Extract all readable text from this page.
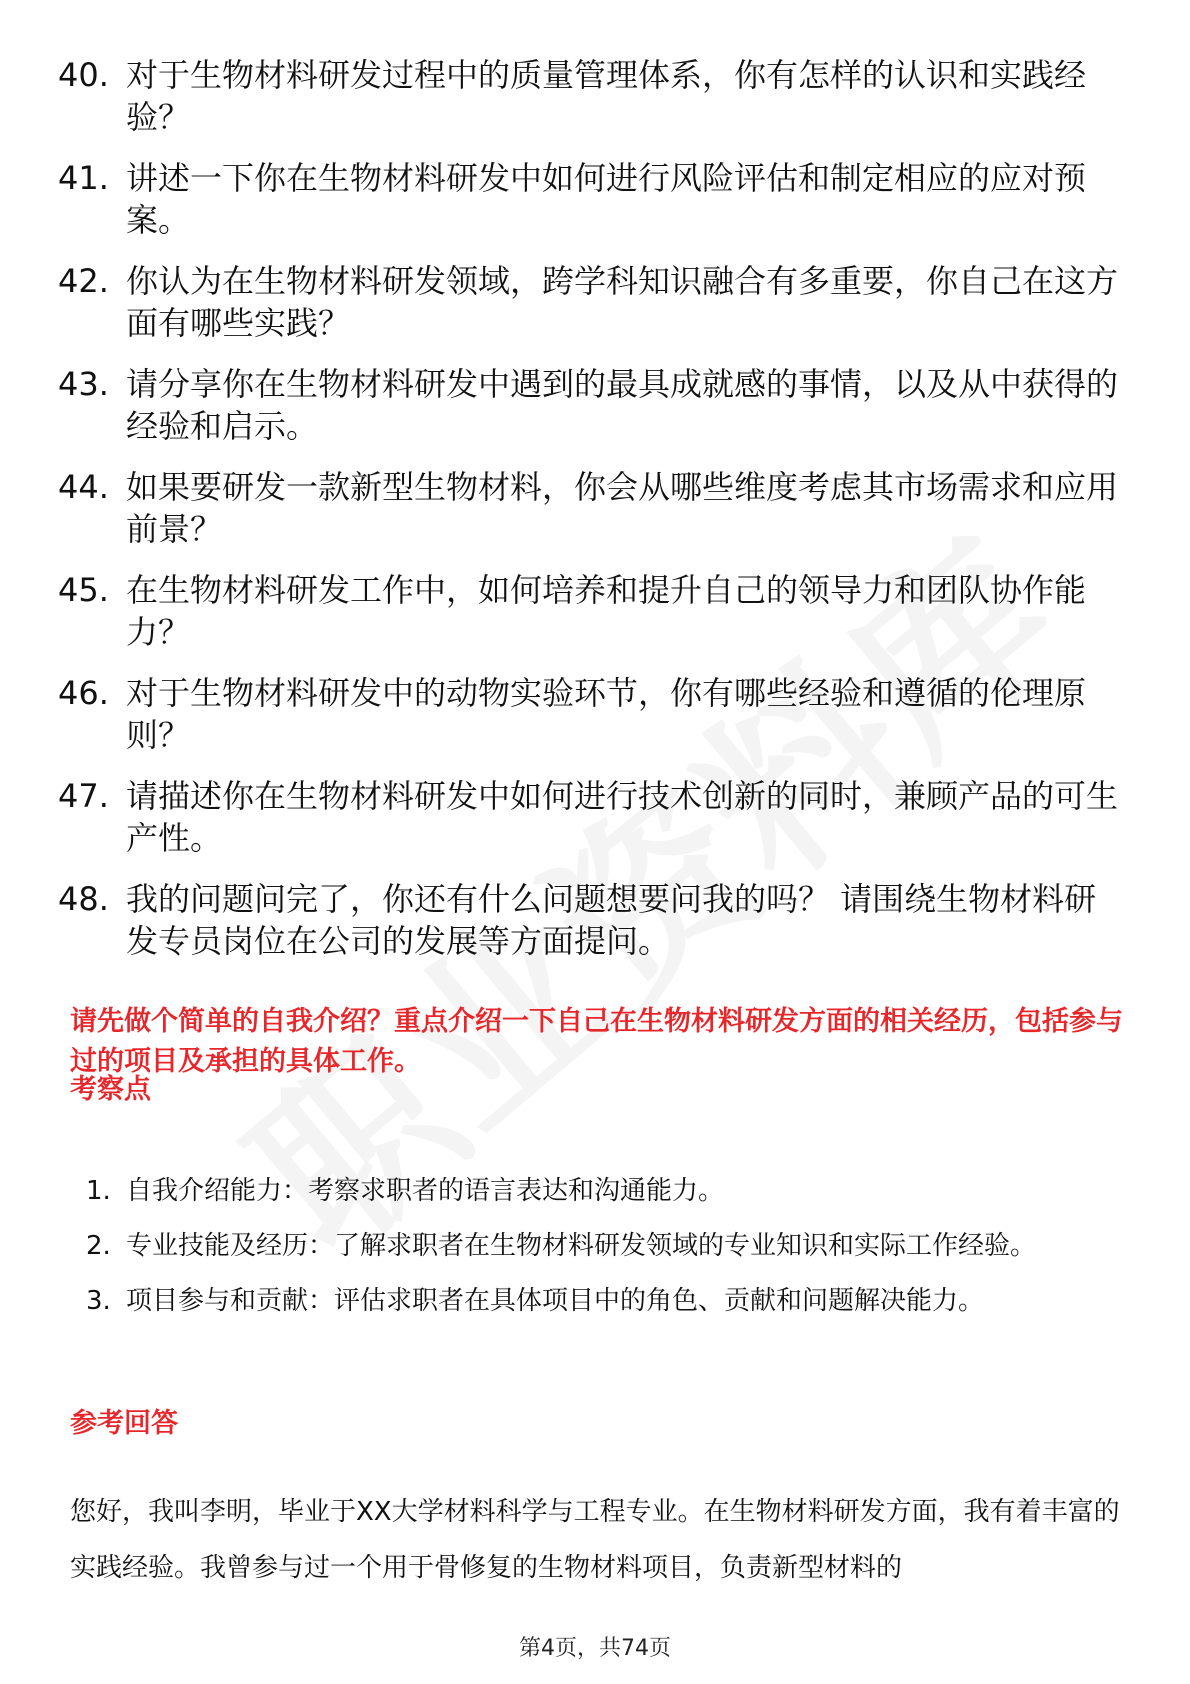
40. 对于生物材料研发过程中的质量管理体系，你有怎样的认识和实践经验？
41. 讲述一下你在生物材料研发中如何进行风险评估和制定相应的应对预案。
42. 你认为在生物材料研发领域，跨学科知识融合有多重要，你自己在这方面有哪些实践？
43. 请分享你在生物材料研发中遇到的最具成就感的事情，以及从中获得的经验和启示。
44. 如果要研发一款新型生物材料，你会从哪些维度考虑其市场需求和应用前景？
45. 在生物材料研发工作中，如何培养和提升自己的领导力和团队协作能力？
46. 对于生物材料研发中的动物实验环节，你有哪些经验和遵循的伦理原则？
47. 请描述你在生物材料研发中如何进行技术创新的同时，兼顾产品的可生产性。
48. 我的问题问完了，你还有什么问题想要问我的吗？ 请围绕生物材料研发专员岗位在公司的发展等方面提问。

请先做个简单的自我介绍？重点介绍一下自己在生物材料研发方面的相关经历，包括参与过的项目及承担的具体工作。

考察点
1. 自我介绍能力：考察求职者的语言表达和沟通能力。
2. 专业技能及经历：了解求职者在生物材料研发领域的专业知识和实际工作经验。
3. 项目参与和贡献：评估求职者在具体项目中的角色、贡献和问题解决能力。
参考回答

您好，我叫李明，毕业于XX大学材料科学与工程专业。在生物材料研发方面，我有着丰富的实践经验。我曾参与过一个用于骨修复的生物材料项目，负责新型材料的

第4页，共74页
